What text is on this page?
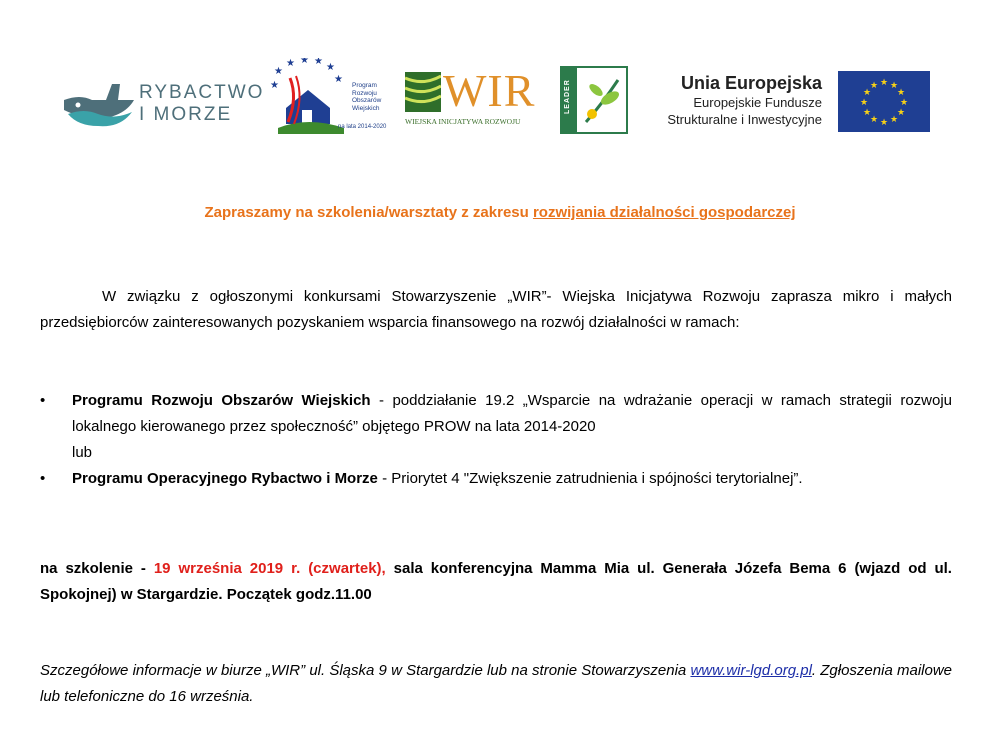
RYBACTWO
I MORZE
★
★ ★ ★
★
★
★	Program
Rozwoju
Obszarów
Wiejskich
na lata 2014-2020
WIR
WIEJSKA INICJATYWA ROZWOJU
LEADER	Unia Europejska
Europejskie Fundusze
Strukturalne i Inwestycyjne
★ ★
★
★
★
★
★
★
★
★
★
★
Zapraszamy na szkolenia/warsztaty z zakresu rozwijania działalności gospodarczej
W związku z ogłoszonymi konkursami Stowarzyszenie „WIR”- Wiejska Inicjatywa Rozwoju zaprasza mikro i małych przedsiębiorców zainteresowanych pozyskaniem wsparcia finansowego na rozwój działalności w ramach:
• Programu Rozwoju Obszarów Wiejskich - poddziałanie 19.2 „Wsparcie na wdrażanie operacji w ramach strategii rozwoju lokalnego kierowanego przez społeczność” objętego PROW na lata 2014-2020
lub
• Programu Operacyjnego Rybactwo i Morze - Priorytet 4 "Zwiększenie zatrudnienia i spójności terytorialnej”.
na szkolenie - 19 września 2019 r. (czwartek), sala konferencyjna Mamma Mia ul. Generała Józefa Bema 6 (wjazd od ul. Spokojnej) w Stargardzie. Początek godz.11.00
Szczegółowe informacje w biurze „WIR” ul. Śląska 9 w Stargardzie lub na stronie Stowarzyszenia www.wir-lgd.org.pl. Zgłoszenia mailowe lub telefoniczne do 16 września.
